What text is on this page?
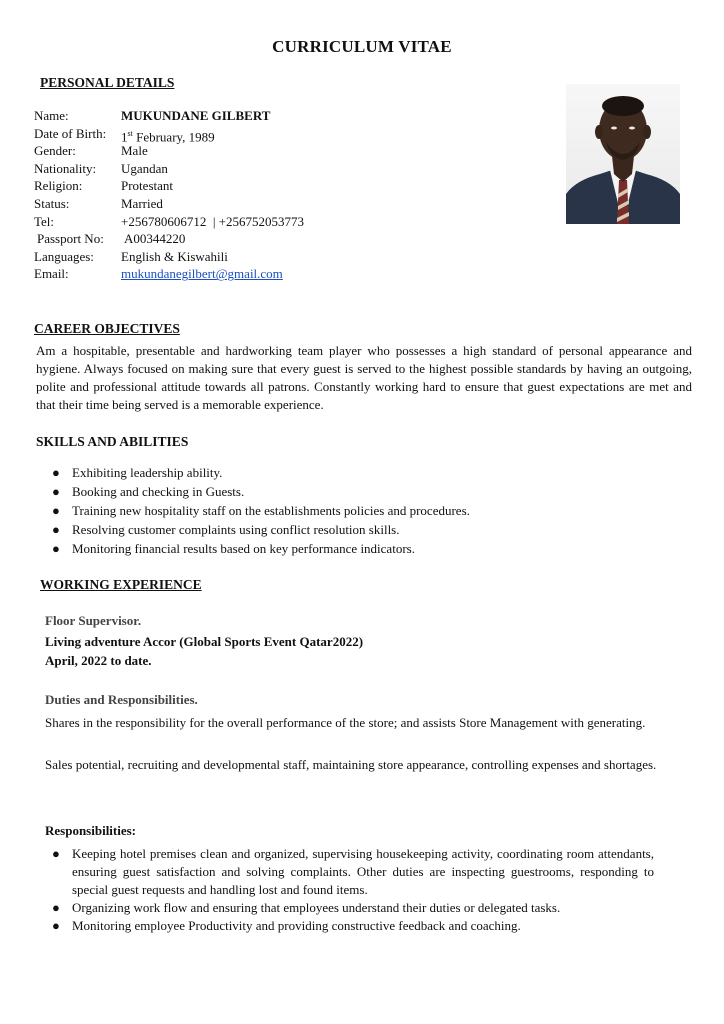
CURRICULUM VITAE
PERSONAL DETAILS
Name:	MUKUNDANE GILBERT
Date of Birth:	1st February, 1989
Gender:	Male
Nationality:	Ugandan
Religion:	Protestant
Status:	Married
Tel:	+256780606712  | +256752053773
Passport No:	A00344220
Languages:	English & Kiswahili
Email:	mukundanegilbert@gmail.com
CAREER OBJECTIVES
Am a hospitable, presentable and hardworking team player who possesses a high standard of personal appearance and hygiene. Always focused on making sure that every guest is served to the highest possible standards by having an outgoing, polite and professional attitude towards all patrons. Constantly working hard to ensure that guest expectations are met and that their time being served is a memorable experience.
SKILLS AND ABILITIES
● Exhibiting leadership ability.
● Booking and checking in Guests.
● Training new hospitality staff on the establishments policies and procedures.
● Resolving customer complaints using conflict resolution skills.
● Monitoring financial results based on key performance indicators.
WORKING EXPERIENCE
Floor Supervisor.
Living adventure Accor (Global Sports Event Qatar2022)
April, 2022 to date.
Duties and Responsibilities.
Shares in the responsibility for the overall performance of the store; and assists Store Management with generating.
Sales potential, recruiting and developmental staff, maintaining store appearance, controlling expenses and shortages.
Responsibilities:
● Keeping hotel premises clean and organized, supervising housekeeping activity, coordinating room attendants, ensuring guest satisfaction and solving complaints. Other duties are inspecting guestrooms, responding to special guest requests and handling lost and found items.
● Organizing work flow and ensuring that employees understand their duties or delegated tasks.
● Monitoring employee Productivity and providing constructive feedback and coaching.
